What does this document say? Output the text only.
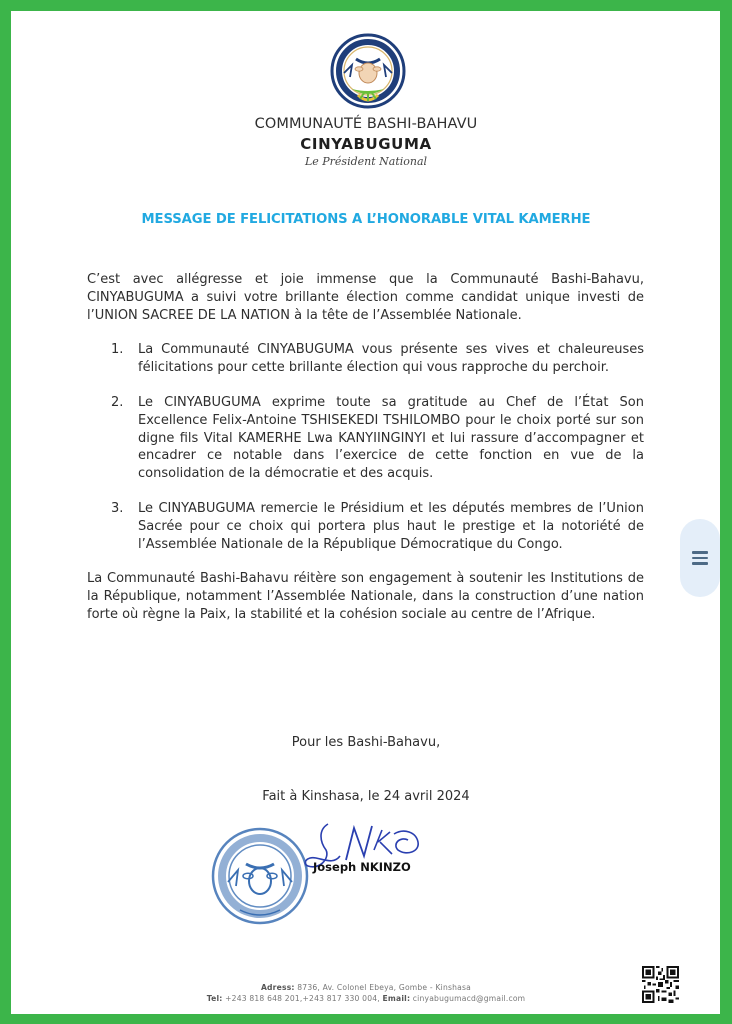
COMMUNAUTÉ BASHI-BAHAVU
CINYABUGUMA
Le Président National
MESSAGE DE FELICITATIONS A L’HONORABLE VITAL KAMERHE

C’est avec allégresse et joie immense que la Communauté Bashi-Bahavu, CINYABUGUMA a suivi votre brillante élection comme candidat unique investi de l’UNION SACREE DE LA NATION à la tête de l’Assemblée Nationale.

1. La Communauté CINYABUGUMA vous présente ses vives et chaleureuses félicitations pour cette brillante élection qui vous rapproche du perchoir.
2. Le CINYABUGUMA exprime toute sa gratitude au Chef de l’État Son Excellence Felix-Antoine TSHISEKEDI TSHILOMBO pour le choix porté sur son digne fils Vital KAMERHE Lwa KANYIINGINYI et lui rassure d’accompagner et encadrer ce notable dans l’exercice de cette fonction en vue de la consolidation de la démocratie et des acquis.
3. Le CINYABUGUMA remercie le Présidium et les députés membres de l’Union Sacrée pour ce choix qui portera plus haut le prestige et la notoriété de l’Assemblée Nationale de la République Démocratique du Congo.

La Communauté Bashi-Bahavu réitère son engagement à soutenir les Institutions de la République, notamment l’Assemblée Nationale, dans la construction d’une nation forte où règne la Paix, la stabilité et la cohésion sociale au centre de l’Afrique.

Pour les Bashi-Bahavu,
Fait à Kinshasa, le 24 avril 2024
Joseph NKINZO
Adress: 8736, Av. Colonel Ebeya, Gombe - Kinshasa
Tel: +243 818 648 201,+243 817 330 004, Email: cinyabugumacd@gmail.com
